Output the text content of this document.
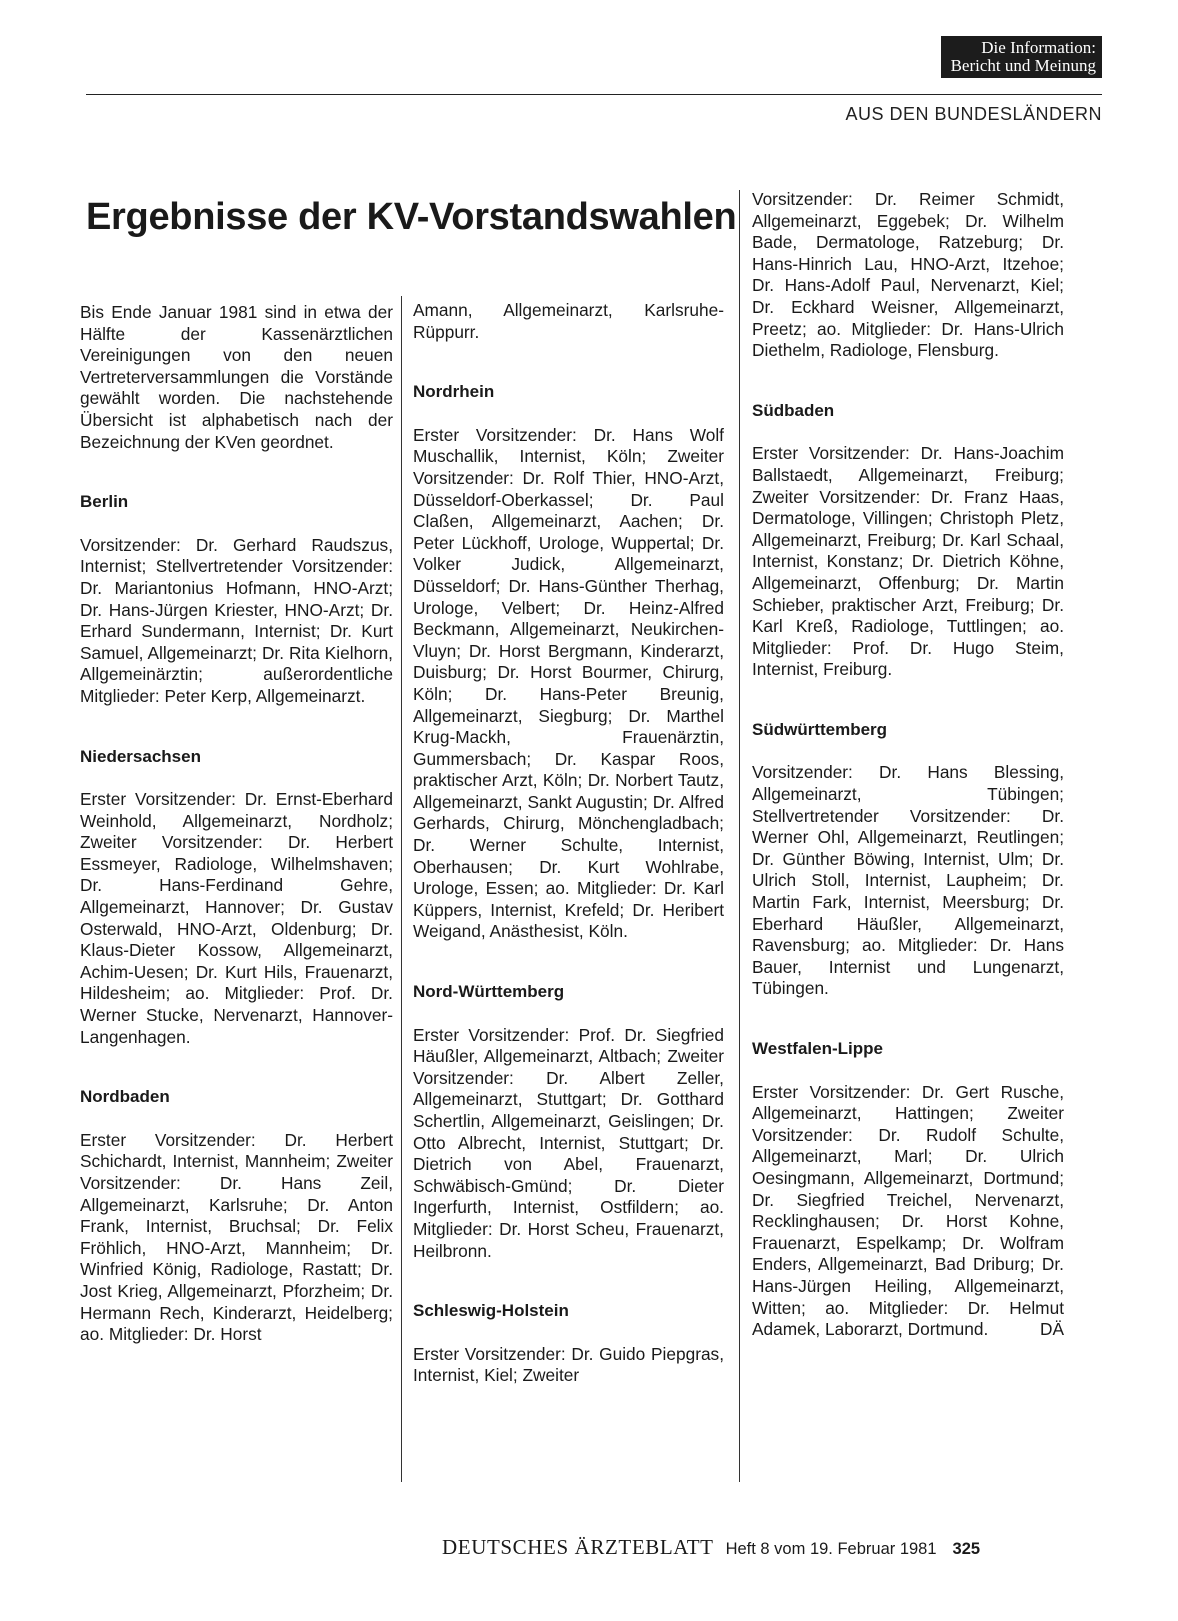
Die Information:
Bericht und Meinung
AUS DEN BUNDESLÄNDERN
Ergebnisse der KV-Vorstandswahlen

Bis Ende Januar 1981 sind in etwa der Hälfte der Kassenärztlichen Vereinigungen von den neuen Vertreterversammlungen die Vorstände gewählt worden. Die nachstehende Übersicht ist alphabetisch nach der Bezeichnung der KVen geordnet.

Berlin

Vorsitzender: Dr. Gerhard Raudszus, Internist; Stellvertretender Vorsitzender: Dr. Mariantonius Hofmann, HNO-Arzt; Dr. Hans-Jürgen Kriester, HNO-Arzt; Dr. Erhard Sundermann, Internist; Dr. Kurt Samuel, Allgemeinarzt; Dr. Rita Kielhorn, Allgemeinärztin; außerordentliche Mitglieder: Peter Kerp, Allgemeinarzt.

Niedersachsen

Erster Vorsitzender: Dr. Ernst-Eberhard Weinhold, Allgemeinarzt, Nordholz; Zweiter Vorsitzender: Dr. Herbert Essmeyer, Radiologe, Wilhelmshaven; Dr. Hans-Ferdinand Gehre, Allgemeinarzt, Hannover; Dr. Gustav Osterwald, HNO-Arzt, Oldenburg; Dr. Klaus-Dieter Kossow, Allgemeinarzt, Achim-Uesen; Dr. Kurt Hils, Frauenarzt, Hildesheim; ao. Mitglieder: Prof. Dr. Werner Stucke, Nervenarzt, Hannover-Langenhagen.

Nordbaden

Erster Vorsitzender: Dr. Herbert Schichardt, Internist, Mannheim; Zweiter Vorsitzender: Dr. Hans Zeil, Allgemeinarzt, Karlsruhe; Dr. Anton Frank, Internist, Bruchsal; Dr. Felix Fröhlich, HNO-Arzt, Mannheim; Dr. Winfried König, Radiologe, Rastatt; Dr. Jost Krieg, Allgemeinarzt, Pforzheim; Dr. Hermann Rech, Kinderarzt, Heidelberg; ao. Mitglieder: Dr. Horst

Amann, Allgemeinarzt, Karlsruhe-Rüppurr.

Nordrhein

Erster Vorsitzender: Dr. Hans Wolf Muschallik, Internist, Köln; Zweiter Vorsitzender: Dr. Rolf Thier, HNO-Arzt, Düsseldorf-Oberkassel; Dr. Paul Claßen, Allgemeinarzt, Aachen; Dr. Peter Lückhoff, Urologe, Wuppertal; Dr. Volker Judick, Allgemeinarzt, Düsseldorf; Dr. Hans-Günther Therhag, Urologe, Velbert; Dr. Heinz-Alfred Beckmann, Allgemeinarzt, Neukirchen-Vluyn; Dr. Horst Bergmann, Kinderarzt, Duisburg; Dr. Horst Bourmer, Chirurg, Köln; Dr. Hans-Peter Breunig, Allgemeinarzt, Siegburg; Dr. Marthel Krug-Mackh, Frauenärztin, Gummersbach; Dr. Kaspar Roos, praktischer Arzt, Köln; Dr. Norbert Tautz, Allgemeinarzt, Sankt Augustin; Dr. Alfred Gerhards, Chirurg, Mönchengladbach; Dr. Werner Schulte, Internist, Oberhausen; Dr. Kurt Wohlrabe, Urologe, Essen; ao. Mitglieder: Dr. Karl Küppers, Internist, Krefeld; Dr. Heribert Weigand, Anästhesist, Köln.

Nord-Württemberg

Erster Vorsitzender: Prof. Dr. Siegfried Häußler, Allgemeinarzt, Altbach; Zweiter Vorsitzender: Dr. Albert Zeller, Allgemeinarzt, Stuttgart; Dr. Gotthard Schertlin, Allgemeinarzt, Geislingen; Dr. Otto Albrecht, Internist, Stuttgart; Dr. Dietrich von Abel, Frauenarzt, Schwäbisch-Gmünd; Dr. Dieter Ingerfurth, Internist, Ostfildern; ao. Mitglieder: Dr. Horst Scheu, Frauenarzt, Heilbronn.

Schleswig-Holstein

Erster Vorsitzender: Dr. Guido Piepgras, Internist, Kiel; Zweiter

Vorsitzender: Dr. Reimer Schmidt, Allgemeinarzt, Eggebek; Dr. Wilhelm Bade, Dermatologe, Ratzeburg; Dr. Hans-Hinrich Lau, HNO-Arzt, Itzehoe; Dr. Hans-Adolf Paul, Nervenarzt, Kiel; Dr. Eckhard Weisner, Allgemeinarzt, Preetz; ao. Mitglieder: Dr. Hans-Ulrich Diethelm, Radiologe, Flensburg.

Südbaden

Erster Vorsitzender: Dr. Hans-Joachim Ballstaedt, Allgemeinarzt, Freiburg; Zweiter Vorsitzender: Dr. Franz Haas, Dermatologe, Villingen; Christoph Pletz, Allgemeinarzt, Freiburg; Dr. Karl Schaal, Internist, Konstanz; Dr. Dietrich Köhne, Allgemeinarzt, Offenburg; Dr. Martin Schieber, praktischer Arzt, Freiburg; Dr. Karl Kreß, Radiologe, Tuttlingen; ao. Mitglieder: Prof. Dr. Hugo Steim, Internist, Freiburg.

Südwürttemberg

Vorsitzender: Dr. Hans Blessing, Allgemeinarzt, Tübingen; Stellvertretender Vorsitzender: Dr. Werner Ohl, Allgemeinarzt, Reutlingen; Dr. Günther Böwing, Internist, Ulm; Dr. Ulrich Stoll, Internist, Laupheim; Dr. Martin Fark, Internist, Meersburg; Dr. Eberhard Häußler, Allgemeinarzt, Ravensburg; ao. Mitglieder: Dr. Hans Bauer, Internist und Lungenarzt, Tübingen.

Westfalen-Lippe

Erster Vorsitzender: Dr. Gert Rusche, Allgemeinarzt, Hattingen; Zweiter Vorsitzender: Dr. Rudolf Schulte, Allgemeinarzt, Marl; Dr. Ulrich Oesingmann, Allgemeinarzt, Dortmund; Dr. Siegfried Treichel, Nervenarzt, Recklinghausen; Dr. Horst Kohne, Frauenarzt, Espelkamp; Dr. Wolfram Enders, Allgemeinarzt, Bad Driburg; Dr. Hans-Jürgen Heiling, Allgemeinarzt, Witten; ao. Mitglieder: Dr. Helmut Adamek, Laborarzt, Dortmund.	DÄ

DEUTSCHES ÄRZTEBLATT Heft 8 vom 19. Februar 1981 325
